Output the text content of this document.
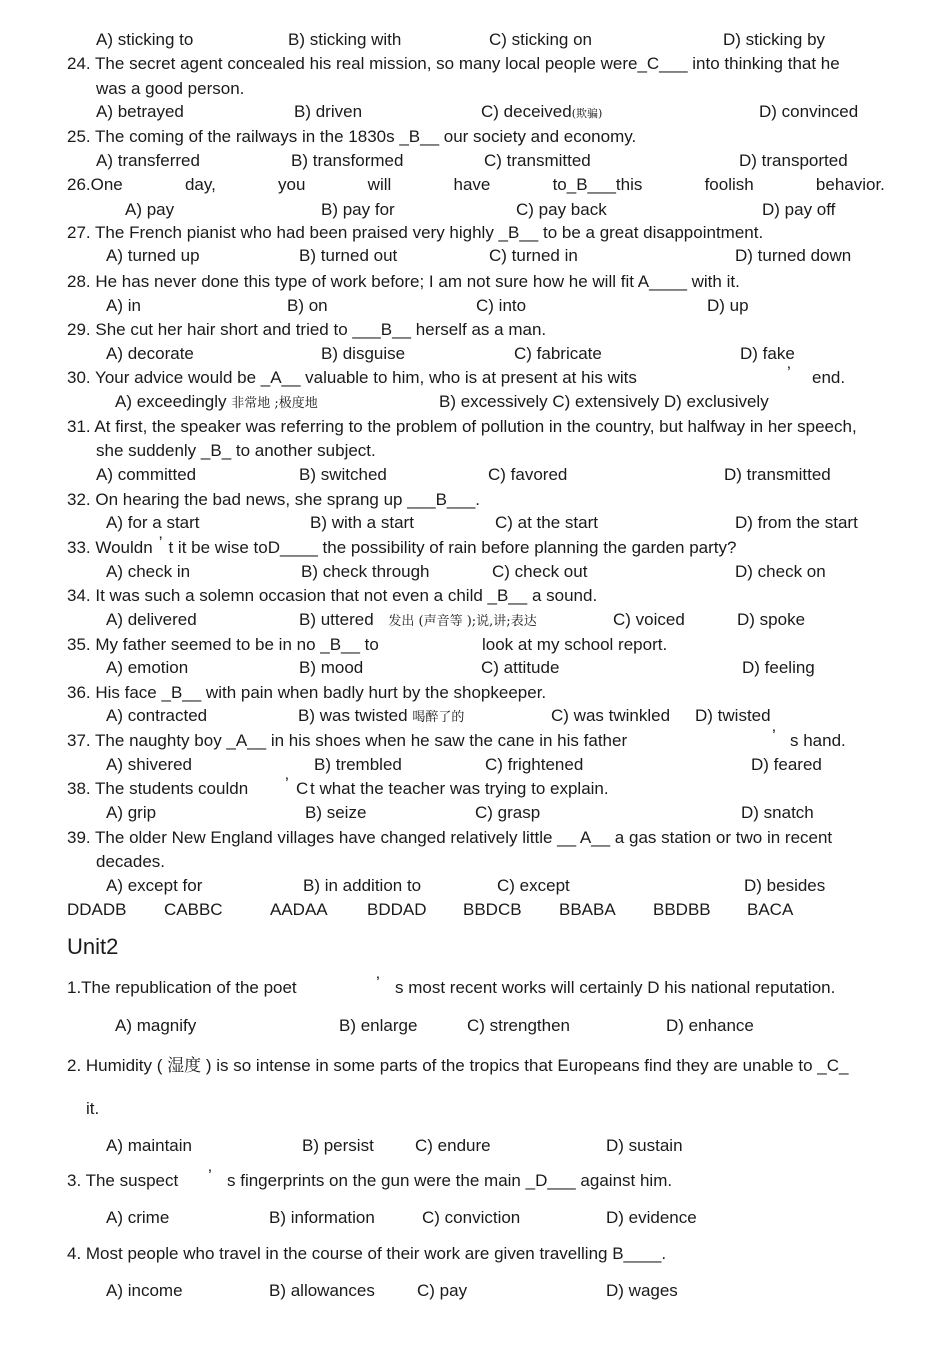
A) sticking to	B) sticking with	C) sticking on	D) sticking by
24. The secret agent concealed his real mission, so many local people were_C___ into thinking that he
was a good person.
A) betrayed	B) driven	C) deceived(欺骗)	D) convinced
25. The coming of the railways in the 1830s _B__ our society and economy.
A) transferred	B) transformed	C) transmitted	D) transported
26.One	day,	you	will	have	to_B___this	foolish	behavior.
A) pay	B) pay for	C) pay back	D) pay off
27. The French pianist who had been praised very highly _B__ to be a great disappointment.
A) turned up	B) turned out	C) turned in	D) turned down
28. He has never done this type of work before; I am not sure how he will fit A____ with it.
A) in	B) on	C) into	D) up
29. She cut her hair short and tried to ___B__ herself as a man.
A) decorate	B) disguise	C) fabricate	D) fake
30. Your advice would be _A__ valuable to him, who is at present at his wits	’ end.
A) exceedingly 非常地 ;极度地	B) excessively C) extensively D) exclusively
31. At first, the speaker was referring to the problem of pollution in the country, but halfway in her speech,
she suddenly _B_ to another subject.
A) committed	B) switched	C) favored	D) transmitted
32. On hearing the bad news, she sprang up ___B___.
A) for a start	B) with a start	C) at the start	D) from the start
33. Wouldn ’ t it be wise toD____ the possibility of rain before planning the garden party?
A) check in	B) check through	C) check out	D) check on
34. It was such a solemn occasion that not even a child _B__ a sound.
A) delivered	B) uttered 发出 (声音等 );说,讲;表达	C) voiced	D) spoke
35. My father seemed to be in no _B__ to	look at my school report.
A) emotion	B) mood	C) attitude	D) feeling
36. His face _B__ with pain when badly hurt by the shopkeeper.
A) contracted	B) was twisted 喝醉了的	C) was twinkled D) twisted
37. The naughty boy _A__ in his shoes when he saw the cane in his father	’ s hand.
A) shivered	B) trembled	C) frightened	D) feared
38. The students couldn ’ C t what the teacher was trying to explain.
A) grip	B) seize	C) grasp	D) snatch
39. The older New England villages have changed relatively little __ A__ a gas station or two in recent
decades.
A) except for	B) in addition to	C) except	D) besides
DDADB CABBC	AADAA BDDAD BBDCB BBABA BBDBB BACA
Unit2
1.The republication of the poet	’ s most recent works will certainly D his national reputation.
A) magnify	B) enlarge	C) strengthen	D) enhance
2. Humidity ( 湿度 ) is so intense in some parts of the tropics that Europeans find they are unable to _C_
it.
A) maintain	B) persist C) endure	D) sustain
3. The suspect ’ s fingerprints on the gun were the main _D___ against him.
A) crime	B) information	C) conviction	D) evidence
4. Most people who travel in the course of their work are given travelling B____.
A) income	B) allowances C) pay	D) wages
